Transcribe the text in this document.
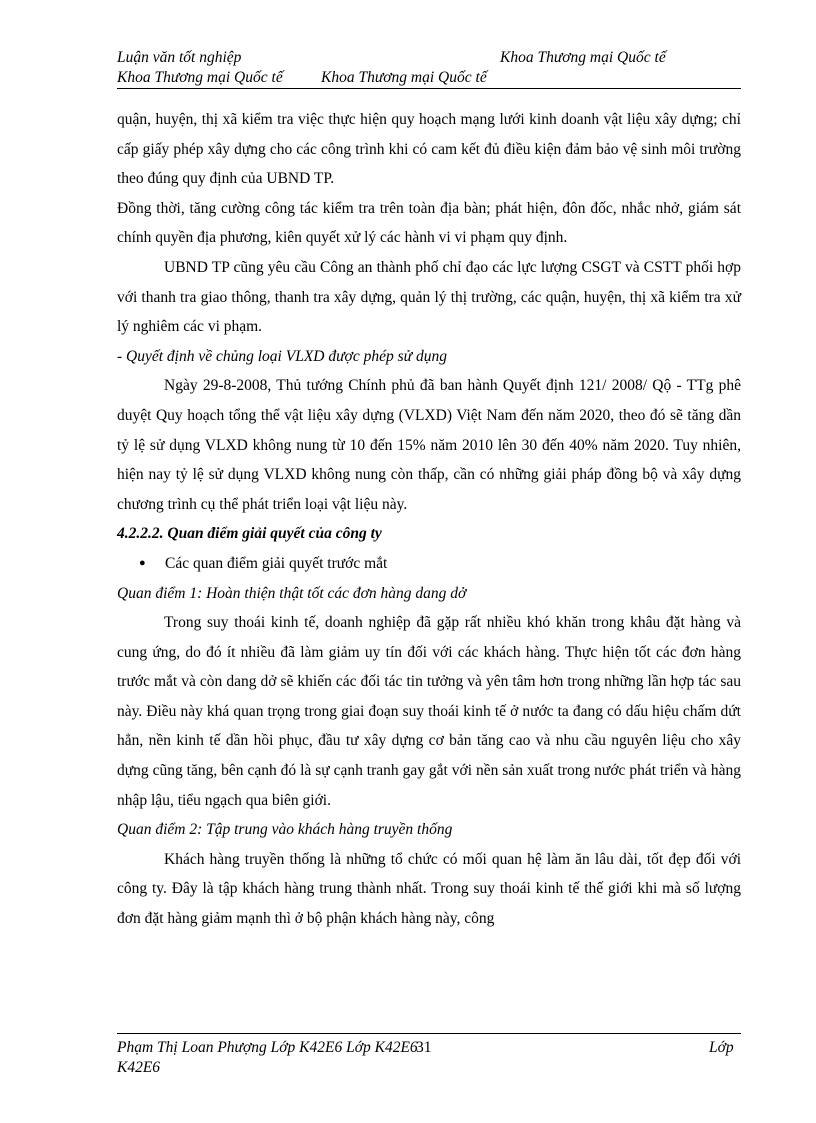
Luận văn tốt nghiệp	Khoa Thương mại Quốc tế
Khoa Thương mại Quốc tế Khoa Thương mại Quốc tế

quận, huyện, thị xã kiểm tra việc thực hiện quy hoạch mạng lưới kinh doanh vật liệu xây dựng; chỉ cấp giấy phép xây dựng cho các công trình khi có cam kết đủ điều kiện đảm bảo vệ sinh môi trường theo đúng quy định của UBND TP.

Đồng thời, tăng cường công tác kiểm tra trên toàn địa bàn; phát hiện, đôn đốc, nhắc nhở, giám sát chính quyền địa phương, kiên quyết xử lý các hành vi vi phạm quy định.

UBND TP cũng yêu cầu Công an thành phố chỉ đạo các lực lượng CSGT và CSTT phối hợp với thanh tra giao thông, thanh tra xây dựng, quản lý thị trường, các quận, huyện, thị xã kiểm tra xử lý nghiêm các vi phạm.

- Quyết định về chủng loại VLXD được phép sử dụng

Ngày 29-8-2008, Thủ tướng Chính phủ đã ban hành Quyết định 121/ 2008/ Qộ - TTg phê duyệt Quy hoạch tổng thể vật liệu xây dựng (VLXD) Việt Nam đến năm 2020, theo đó sẽ tăng dần tỷ lệ sử dụng VLXD không nung từ 10 đến 15% năm 2010 lên 30 đến 40% năm 2020. Tuy nhiên, hiện nay tỷ lệ sử dụng VLXD không nung còn thấp, cần có những giải pháp đồng bộ và xây dựng chương trình cụ thể phát triển loại vật liệu này.

4.2.2.2. Quan điểm giải quyết của công ty

●	Các quan điểm giải quyết trước mắt

Quan điểm 1: Hoàn thiện thật tốt các đơn hàng dang dở

Trong suy thoái kinh tế, doanh nghiệp đã gặp rất nhiều khó khăn trong khâu đặt hàng và cung ứng, do đó ít nhiều đã làm giảm uy tín đối với các khách hàng. Thực hiện tốt các đơn hàng trước mắt và còn dang dở sẽ khiến các đối tác tin tưởng và yên tâm hơn trong những lần hợp tác sau này. Điều này khá quan trọng trong giai đoạn suy thoái kinh tế ở nước ta đang có dấu hiệu chấm dứt hẳn, nền kinh tế dần hồi phục, đầu tư xây dựng cơ bản tăng cao và nhu cầu nguyên liệu cho xây dựng cũng tăng, bên cạnh đó là sự cạnh tranh gay gắt với nền sản xuất trong nước phát triển và hàng nhập lậu, tiểu ngạch qua biên giới.

Quan điểm 2: Tập trung vào khách hàng truyền thống

Khách hàng truyền thống là những tổ chức có mối quan hệ làm ăn lâu dài, tốt đẹp đối với công ty. Đây là tập khách hàng trung thành nhất. Trong suy thoái kinh tế thế giới khi mà số lượng đơn đặt hàng giảm mạnh thì ở bộ phận khách hàng này, công

Phạm Thị Loan Phượng Lớp K42E6 Lớp K42E6
31	Lớp
K42E6
